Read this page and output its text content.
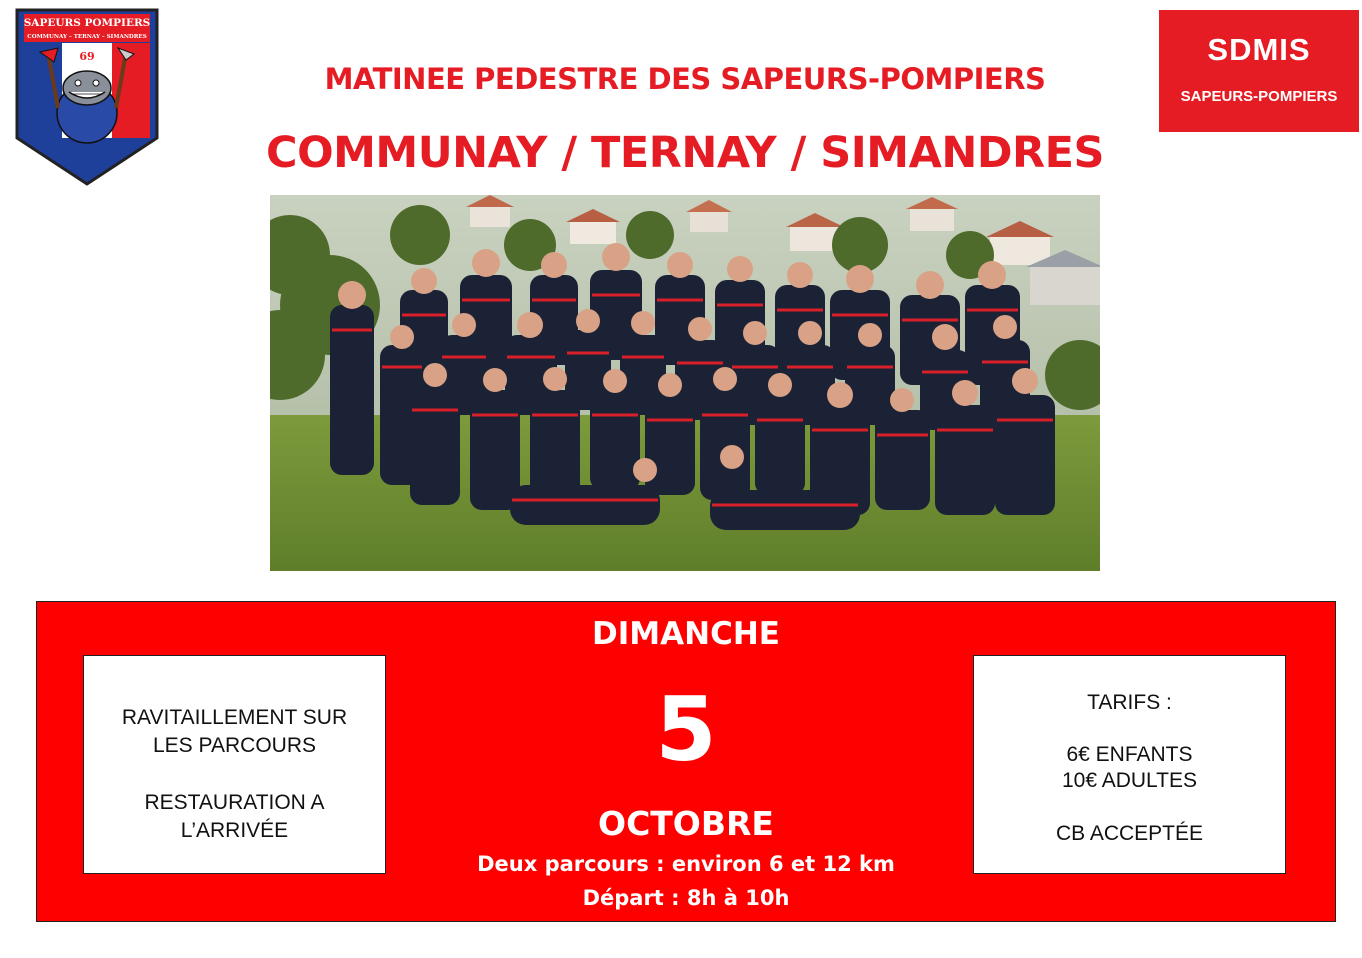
SAPEURS POMPIERS
COMMUNAY – TERNAY – SIMANDRES
69	SDMIS
SAPEURS-POMPIERS
MATINEE PEDESTRE DES SAPEURS-POMPIERS
COMMUNAY / TERNAY / SIMANDRES
DIMANCHE
5
OCTOBRE
Deux parcours : environ 6 et 12 km
Départ : 8h à 10h

RAVITAILLEMENT SUR

LES PARCOURS

RESTAURATION A

L’ARRIVÉE

TARIFS :

6€ ENFANTS

10€ ADULTES

CB ACCEPTÉE
